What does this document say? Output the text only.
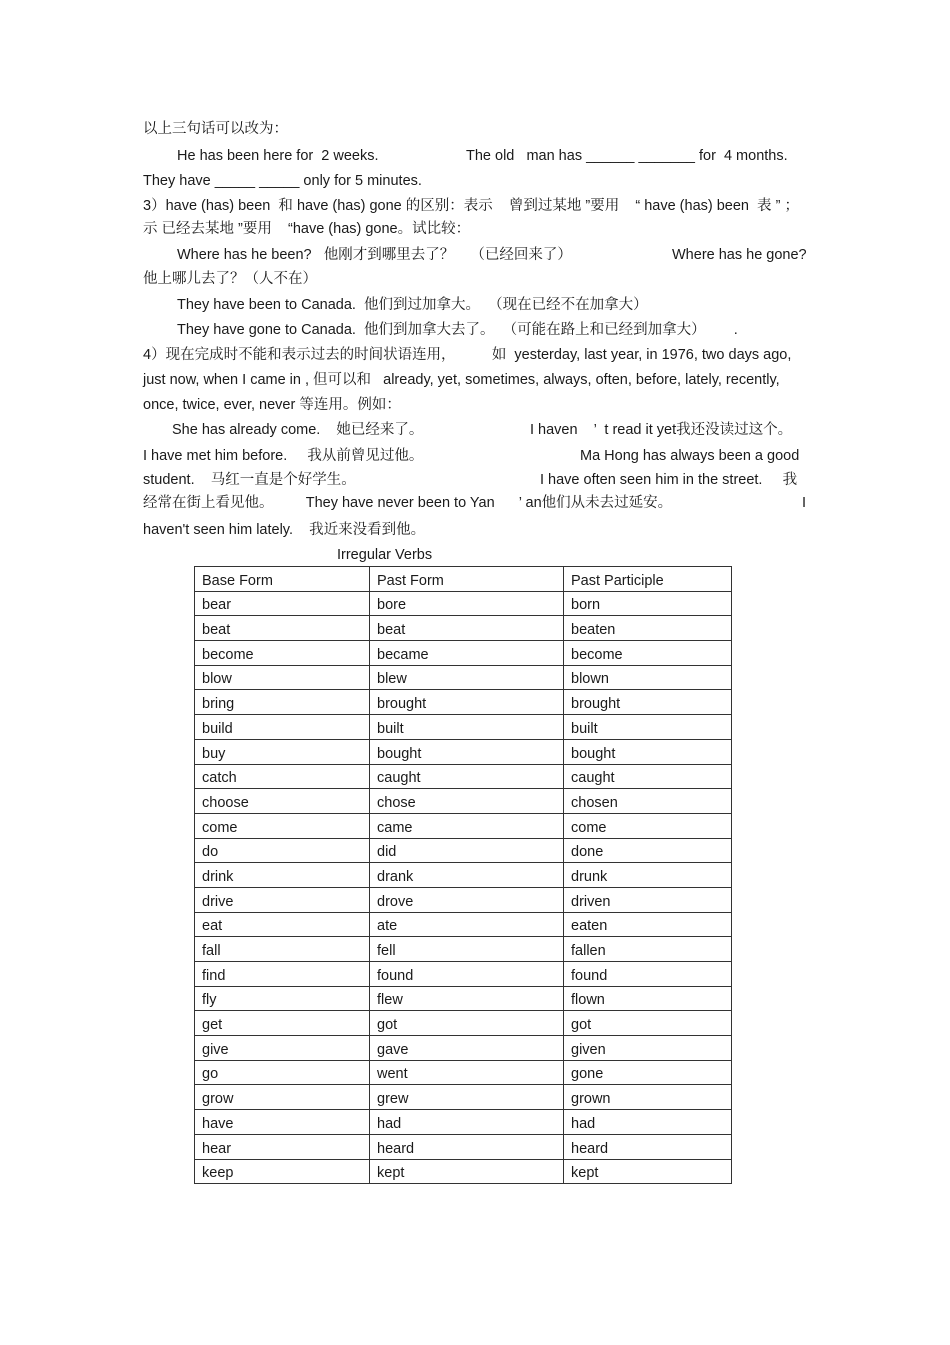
以上三句话可以改为：
He has been here for  2 weeks.	The old   man has ______ _______ for  4 months.
They have _____ _____ only for 5 minutes.
3）have (has) been  和 have (has) gone 的区别：表示    曾到过某地 ”要用    “ have (has) been  表 ” ；
示 已经去某地 ”要用    “have (has) gone。试比较：
Where has he been?   他刚才到哪里去了？    （已经回来了）	Where has he gone?
他上哪儿去了？（人不在）
They have been to Canada.  他们到过加拿大。  （现在已经不在加拿大）
They have gone to Canada.  他们到加拿大去了。  （可能在路上和已经到加拿大）       .
4）现在完成时不能和表示过去的时间状语连用，         如  yesterday, last year, in 1976, two days ago,
just now, when I came in , 但可以和   already, yet, sometimes, always, often, before, lately, recently,
once, twice, ever, never 等连用。例如：
She has already come.    她已经来了。	I haven    ’  t read it yet我还没读过这个。
I have met him before.     我从前曾见过他。	Ma Hong has always been a good
student.    马红一直是个好学生。	I have often seen him in the street.     我
经常在街上看见他。        They have never been to Yan      ’ an他们从未去过延安。	I
haven't seen him lately.    我近来没看到他。
Irregular Verbs
Base Form	Past Form	Past Participle
bear	bore	born
beat	beat	beaten
become	became	become
blow	blew	blown
bring	brought	brought
build	built	built
buy	bought	bought
catch	caught	caught
choose	chose	chosen
come	came	come
do	did	done
drink	drank	drunk
drive	drove	driven
eat	ate	eaten
fall	fell	fallen
find	found	found
fly	flew	flown
get	got	got
give	gave	given
go	went	gone
grow	grew	grown
have	had	had
hear	heard	heard
keep	kept	kept
